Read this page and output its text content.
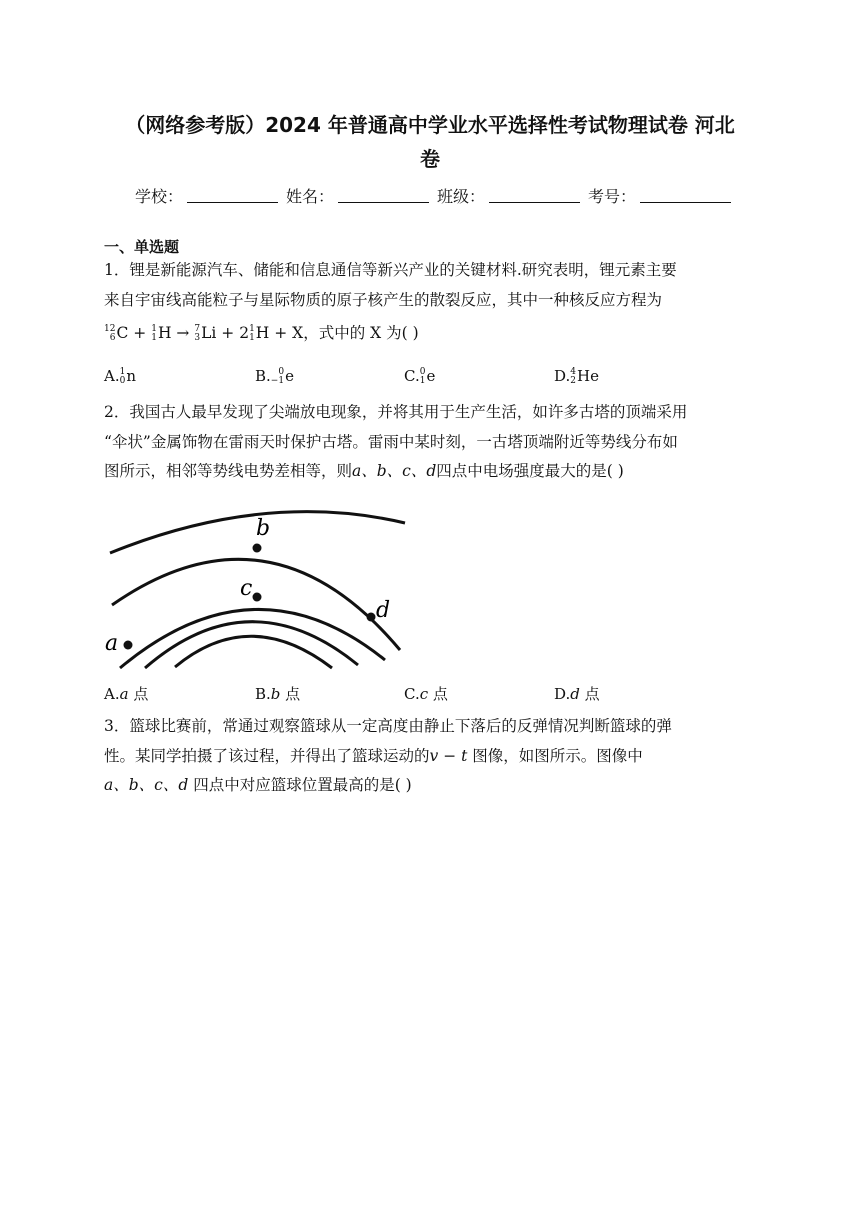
（网络参考版）2024 年普通高中学业水平选择性考试物理试卷 河北
卷
学校：	姓名：	班级：	考号：
一、单选题
1．锂是新能源汽车、储能和信息通信等新兴产业的关键材料.研究表明，锂元素主要
来自宇宙线高能粒子与星际物质的原子核产生的散裂反应，其中一种核反应方程为
12
6 C + 1
1 H → 7
3 Li + 2 1
1 H + X，式中的 X 为( )
A. 1
0 n	B. 0
−1 e	C. 0
1 e	D. 4
2 He
2．我国古人最早发现了尖端放电现象，并将其用于生产生活，如许多古塔的顶端采用
“伞状”金属饰物在雷雨天时保护古塔。雷雨中某时刻，一古塔顶端附近等势线分布如
图所示，相邻等势线电势差相等，则a、b、c、d四点中电场强度最大的是( )
a
b
c
d
A.a 点	B.b 点	C.c 点	D.d 点
3．篮球比赛前，常通过观察篮球从一定高度由静止下落后的反弹情况判断篮球的弹
性。某同学拍摄了该过程，并得出了篮球运动的v − t 图像，如图所示。图像中
a、b、c、d 四点中对应篮球位置最高的是( )
